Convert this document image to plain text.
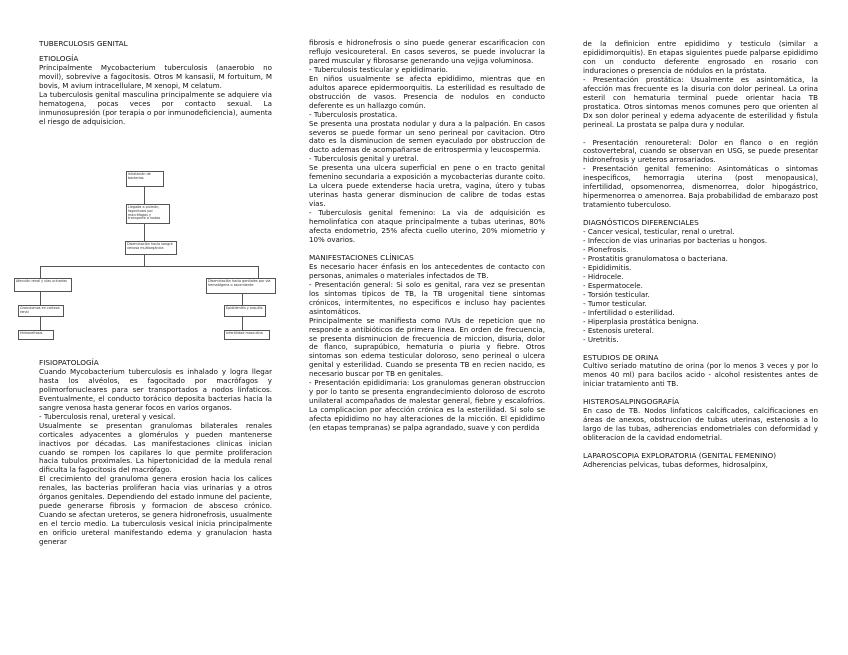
TUBERCULOSIS GENITAL

ETIOLOGÍA

Principalmente Mycobacterium tuberculosis (anaerobio no movil), sobrevive a fagocitosis. Otros M kansasii, M fortuitum, M bovis, M avium intracellulare, M xenopi, M celatum.

La tuberculosis genital masculina principalmente se adquiere via hematogena, pocas veces por contacto sexual. La inmunosupresión (por terapia o por inmunodeficiencia), aumenta el riesgo de adquisicion.

Inhalación de bacterias
Llegada a pulmón, fagocitosis por macrófagos y transporte a nodos
Diseminación hacia sangre venosa multiorgánica
Afección renal y vías urinarias	Diseminación hacia genitales por vía hematógena o ascendente
Granulomas en corteza renal
Epididimitis y orquitis
Hidronefrosis	Infertilidad masculina

FISIOPATOLOGÍA

Cuando Mycobacterium tuberculosis es inhalado y logra llegar hasta los alvéolos, es fagocitado por macrófagos y polimorfonucleares para ser transportados a nodos linfaticos. Eventualmente, el conducto torácico deposita bacterias hacia la sangre venosa hasta generar focos en varios organos.

- Tuberculosis renal, ureteral y vesical.

Usualmente se presentan granulomas bilaterales renales corticales adyacentes a glomérulos y pueden mantenerse inactivos por décadas. Las manifestaciones clinicas inician cuando se rompen los capilares lo que permite proliferacion hacia tubulos proximales. La hipertonicidad de la medula renal dificulta la fagocitosis del macrófago.

El crecimiento del granuloma genera erosion hacia los calices renales, las bacterias proliferan hacia vias urinarias y a otros órganos genitales. Dependiendo del estado inmune del paciente, puede generarse fibrosis y formacion de absceso crónico. Cuando se afectan ureteros, se genera hidronefrosis, usualmente en el tercio medio. La tuberculosis vesical inicia principalmente en orificio ureteral manifestando edema y granulacion hasta generar

fibrosis e hidronefrosis o sino puede generar escarificacion con reflujo vesicoureteral. En casos severos, se puede involucrar la pared muscular y fibrosarse generando una vejiga voluminosa.

- Tuberculosis testicular y epididimario.

En niños usualmente se afecta epididimo, mientras que en adultos aparece epidermoorquitis. La esterilidad es resultado de obstrucción de vasos. Presencia de nodulos en conducto deferente es un hallazgo común.

- Tuberculosis prostatica.

Se presenta una prostata nodular y dura a la palpación. En casos severos se puede formar un seno perineal por cavitacion. Otro dato es la disminucion de semen eyaculado por obstruccion de ducto ademas de acompañarse de eritrospermia y leucospermia.

- Tuberculosis genital y uretral.

Se presenta una ulcera superficial en pene o en tracto genital femenino secundaria a exposición a mycobacterias durante coito. La ulcera puede extenderse hacia uretra, vagina, útero y tubas uterinas hasta generar disminucion de calibre de todas estas vias.

- Tuberculosis genital femenino: La via de adquisición es hemolinfatica con ataque principalmente a tubas uterinas, 80% afecta endometrio, 25% afecta cuello uterino, 20% miometrio y 10% ovarios.

MANIFESTACIONES CLÍNICAS

Es necesario hacer énfasis en los antecedentes de contacto con personas, animales o materiales infectados de TB.

- Presentación general: Si solo es genital, rara vez se presentan los sintomas tipicos de TB, la TB urogenital tiene sintomas crónicos, intermitentes, no especificos e incluso hay pacientes asintomáticos.

Principalmente se manifiesta como IVUs de repeticion que no responde a antibióticos de primera linea. En orden de frecuencia, se presenta disminucion de frecuencia de miccion, disuria, dolor de flanco, suprapúbico, hematuria o piuria y fiebre. Otros sintomas son edema testicular doloroso, seno perineal o ulcera genital y esterilidad. Cuando se presenta TB en recien nacido, es necesario buscar por TB en genitales.

- Presentación epididimaria: Los granulomas generan obstruccion y por lo tanto se presenta engrandecimiento doloroso de escroto unilateral acompañados de malestar general, fiebre y escalofrios. La complicacion por afección crónica es la esterilidad. Si solo se afecta epididimo no hay alteraciones de la micción. El epididimo (en etapas tempranas) se palpa agrandado, suave y con perdida

de la definicion entre epididimo y testiculo (similar a epididimorquitis). En etapas siguientes puede palparse epididimo con un conducto deferente engrosado en rosario con induraciones o presencia de nódulos en la próstata.

- Presentación prostática: Usualmente es asintomática, la afección mas frecuente es la disuria con dolor perineal. La orina esteril con hematuria terminal puede orientar hacia TB prostatica. Otros sintomas menos comunes pero que orienten al Dx son dolor perineal y edema adyacente de esterilidad y fistula perineal. La prostata se palpa dura y nodular.

- Presentación renoureteral: Dolor en flanco o en región costovertebral, cuando se observan en USG, se puede presentar hidronefrosis y ureteros arrosariados.

- Presentación genital femenino: Asintomáticas o sintomas inespecificos, hemorragia uterina (post menopausica), infertilidad, opsomenorrea, dismenorrea, dolor hipogástrico, hipermenorrea o amenorrea. Baja probabilidad de embarazo post tratamiento tuberculoso.

DIAGNÓSTICOS DIFERENCIALES

- Cancer vesical, testicular, renal o uretral.

- Infeccion de vias urinarias por bacterias u hongos.

- Pionefrosis.

- Prostatitis granulomatosa o bacteriana.

- Epididimitis.

- Hidrocele.

- Espermatocele.

- Torsión testicular.

- Tumor testicular.

- Infertilidad o esterilidad.

- Hiperplasia prostática benigna.

- Estenosis ureteral.

- Uretritis.

ESTUDIOS DE ORINA

Cultivo seriado matutino de orina (por lo menos 3 veces y por lo menos 40 ml) para bacilos acido - alcohol resistentes antes de iniciar tratamiento anti TB.

HISTEROSALPINGOGRAFÍA

En caso de TB. Nodos linfaticos calcificados, calcificaciones en áreas de anexos, obstruccion de tubas uterinas, estenosis a lo largo de las tubas, adherencias endometriales con deformidad y obliteracion de la cavidad endometrial.

LAPAROSCOPIA EXPLORATORIA (GENITAL FEMENINO)

Adherencias pelvicas, tubas deformes, hidrosalpinx,
